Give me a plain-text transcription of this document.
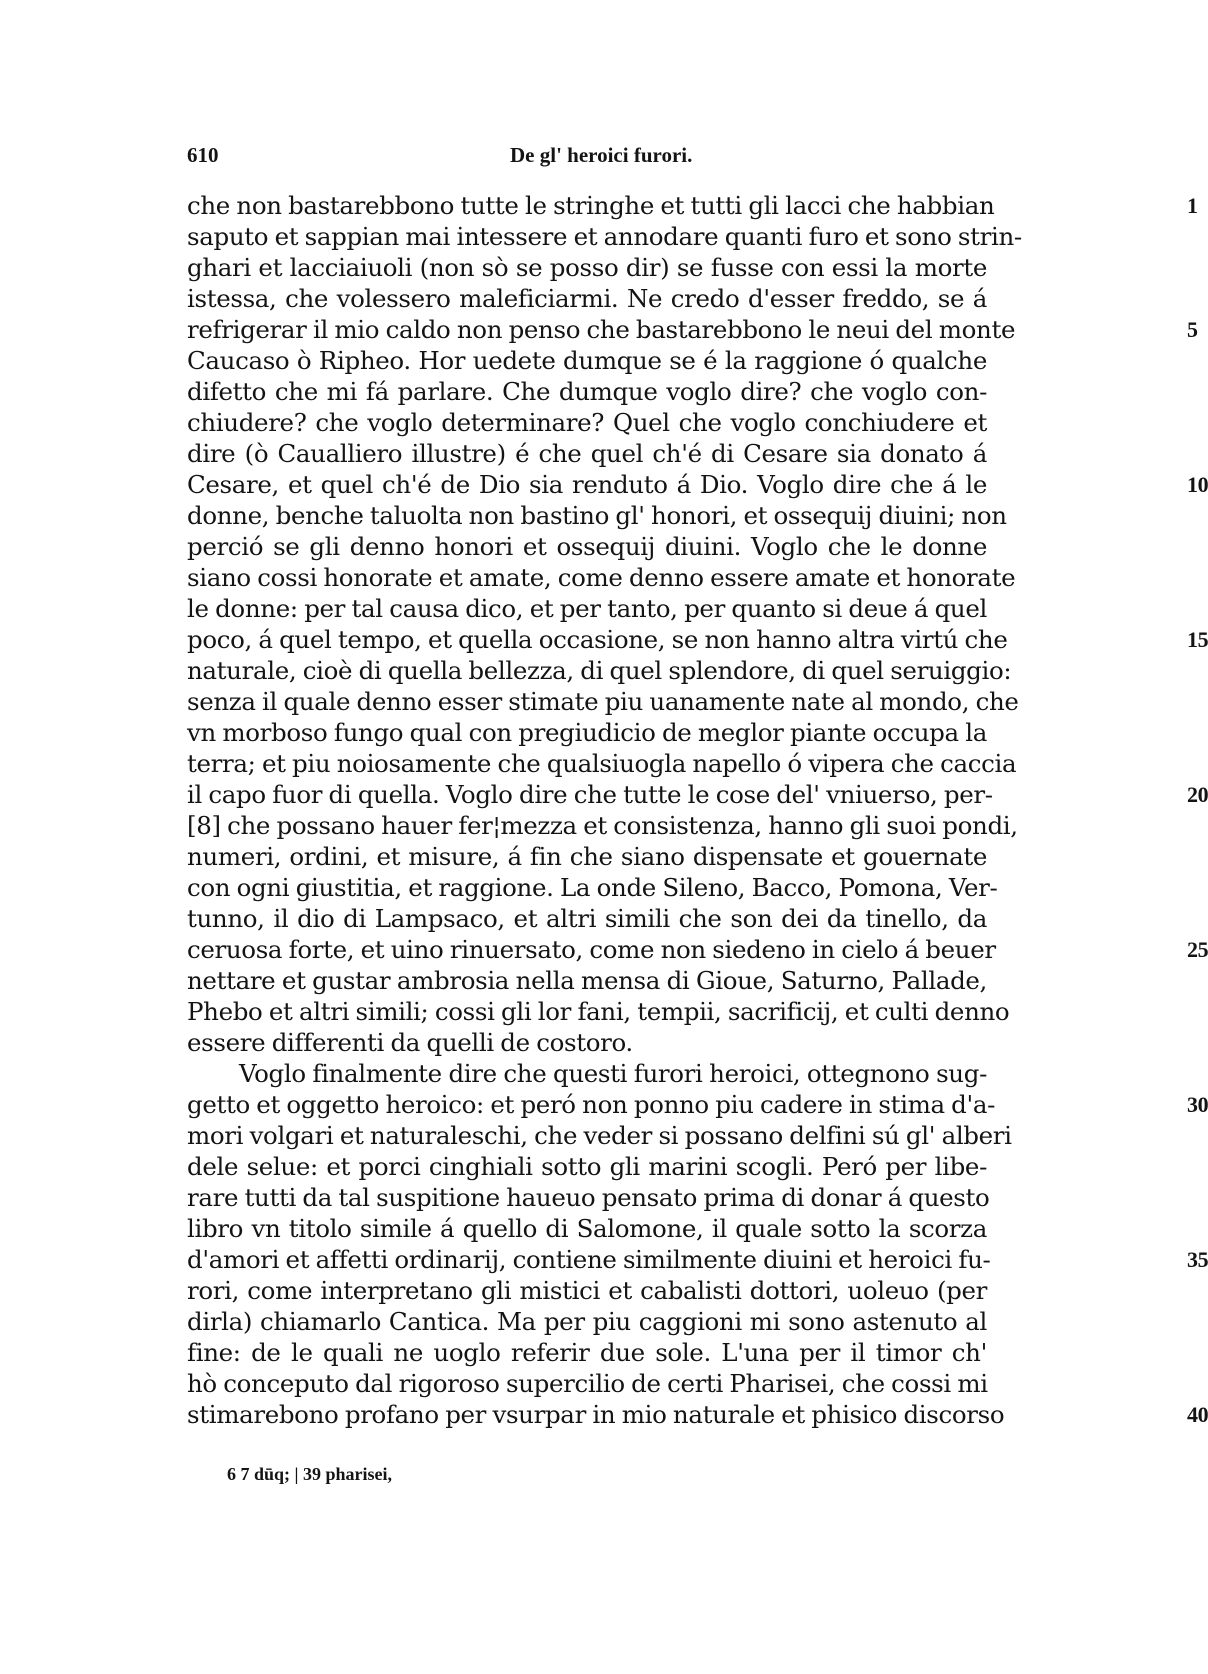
610	De gl' heroici furori.
che non bastarebbono tutte le stringhe et tutti gli lacci che habbian	1
saputo et sappian mai intessere et annodare quanti furo et sono strin-
ghari et lacciaiuoli (non sò se posso dir) se fusse con essi la morte
istessa, che volessero maleficiarmi. Ne credo d'esser freddo, se á
refrigerar il mio caldo non penso che bastarebbono le neui del monte	5
Caucaso ò Ripheo. Hor uedete dumque se é la raggione ó qualche
difetto che mi fá parlare. Che dumque voglo dire? che voglo con-
chiudere? che voglo determinare? Quel che voglo conchiudere et
dire (ò Caualliero illustre) é che quel ch'é di Cesare sia donato á
Cesare, et quel ch'é de Dio sia renduto á Dio. Voglo dire che á le	10
donne, benche taluolta non bastino gl' honori, et ossequij diuini; non
perció se gli denno honori et ossequij diuini. Voglo che le donne
siano cossi honorate et amate, come denno essere amate et honorate
le donne: per tal causa dico, et per tanto, per quanto si deue á quel
poco, á quel tempo, et quella occasione, se non hanno altra virtú che	15
naturale, cioè di quella bellezza, di quel splendore, di quel seruiggio:
senza il quale denno esser stimate piu uanamente nate al mondo, che
vn morboso fungo qual con pregiudicio de meglor piante occupa la
terra; et piu noiosamente che qualsiuogla napello ó vipera che caccia
il capo fuor di quella. Voglo dire che tutte le cose del' vniuerso, per-	20
[8] che possano hauer fer¦mezza et consistenza, hanno gli suoi pondi,
numeri, ordini, et misure, á fin che siano dispensate et gouernate
con ogni giustitia, et raggione. La onde Sileno, Bacco, Pomona, Ver-
tunno, il dio di Lampsaco, et altri simili che son dei da tinello, da
ceruosa forte, et uino rinuersato, come non siedeno in cielo á beuer	25
nettare et gustar ambrosia nella mensa di Gioue, Saturno, Pallade,
Phebo et altri simili; cossi gli lor fani, tempii, sacrificij, et culti denno
essere differenti da quelli de costoro.
Voglo finalmente dire che questi furori heroici, ottegnono sug-
getto et oggetto heroico: et peró non ponno piu cadere in stima d'a-	30
mori volgari et naturaleschi, che veder si possano delfini sú gl' alberi
dele selue: et porci cinghiali sotto gli marini scogli. Peró per libe-
rare tutti da tal suspitione haueuo pensato prima di donar á questo
libro vn titolo simile á quello di Salomone, il quale sotto la scorza
d'amori et affetti ordinarij, contiene similmente diuini et heroici fu-	35
rori, come interpretano gli mistici et cabalisti dottori, uoleuo (per
dirla) chiamarlo Cantica. Ma per piu caggioni mi sono astenuto al
fine: de le quali ne uoglo referir due sole. L'una per il timor ch'
hò conceputo dal rigoroso supercilio de certi Pharisei, che cossi mi
stimarebono profano per vsurpar in mio naturale et phisico discorso	40
6 7 dūq; | 39 pharisei,
